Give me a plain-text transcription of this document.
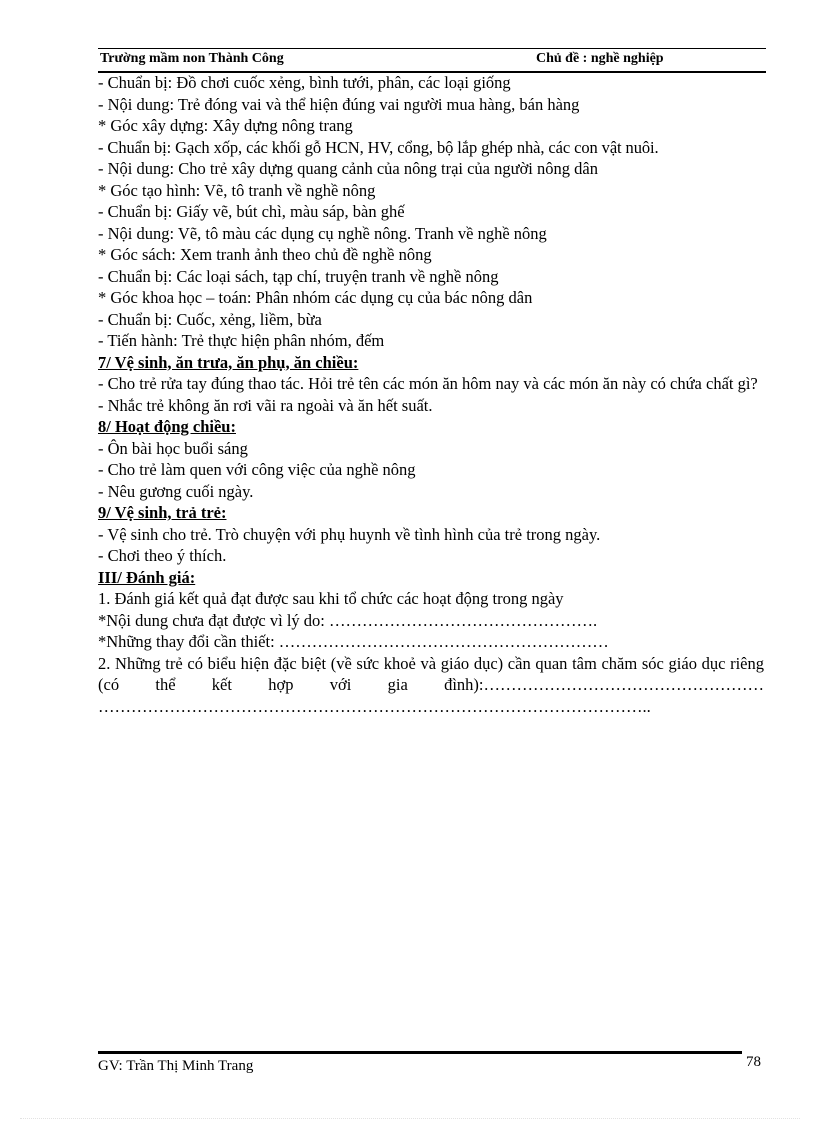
Trường mầm non Thành Công	Chủ đề : nghề nghiệp

- Chuẩn bị: Đồ chơi cuốc xẻng, bình tưới, phân, các loại giống

- Nội dung: Trẻ đóng vai và thể hiện đúng vai người mua hàng, bán hàng

* Góc xây dựng: Xây dựng nông trang

- Chuẩn bị: Gạch xốp, các khối gỗ HCN, HV, cổng, bộ lắp ghép nhà, các con vật nuôi.

- Nội dung: Cho trẻ xây dựng quang cảnh của nông trại của người nông dân

* Góc tạo hình: Vẽ, tô tranh về nghề nông

- Chuẩn bị: Giấy vẽ, bút chì, màu sáp, bàn ghế

- Nội dung: Vẽ, tô màu các dụng cụ nghề nông. Tranh về nghề nông

* Góc sách: Xem tranh ảnh theo chủ đề nghề nông

- Chuẩn bị: Các loại sách, tạp chí, truyện tranh về nghề nông

* Góc khoa học – toán: Phân nhóm các dụng cụ của bác nông dân

- Chuẩn bị: Cuốc, xẻng, liềm, bừa

- Tiến hành: Trẻ thực hiện phân nhóm, đếm

7/ Vệ sinh, ăn trưa, ăn phụ, ăn chiều:

- Cho trẻ rửa tay đúng thao tác. Hỏi trẻ tên các món ăn hôm nay và các món ăn này có chứa chất gì?

- Nhắc trẻ không ăn rơi vãi ra ngoài và ăn hết suất.

8/ Hoạt động chiều:

- Ôn bài học buổi sáng

- Cho trẻ làm quen với công việc của nghề nông

- Nêu gương cuối ngày.

9/ Vệ sinh, trả trẻ:

- Vệ sinh cho trẻ. Trò chuyện với phụ huynh về tình hình của trẻ trong ngày.

- Chơi theo ý thích.

III/ Đánh giá:

1. Đánh giá kết quả đạt được sau khi tổ chức các hoạt động trong ngày

*Nội dung chưa đạt được vì lý do: ………………………………………….

*Những thay đổi cần thiết: ……………………………………………………

2. Những trẻ có biểu hiện đặc biệt (về sức khoẻ và giáo dục) cần quan tâm chăm sóc giáo dục riêng (có thể kết hợp với gia đình):…………………………………………… ………………………………………………………………………………………..

GV: Trần Thị Minh Trang	78
